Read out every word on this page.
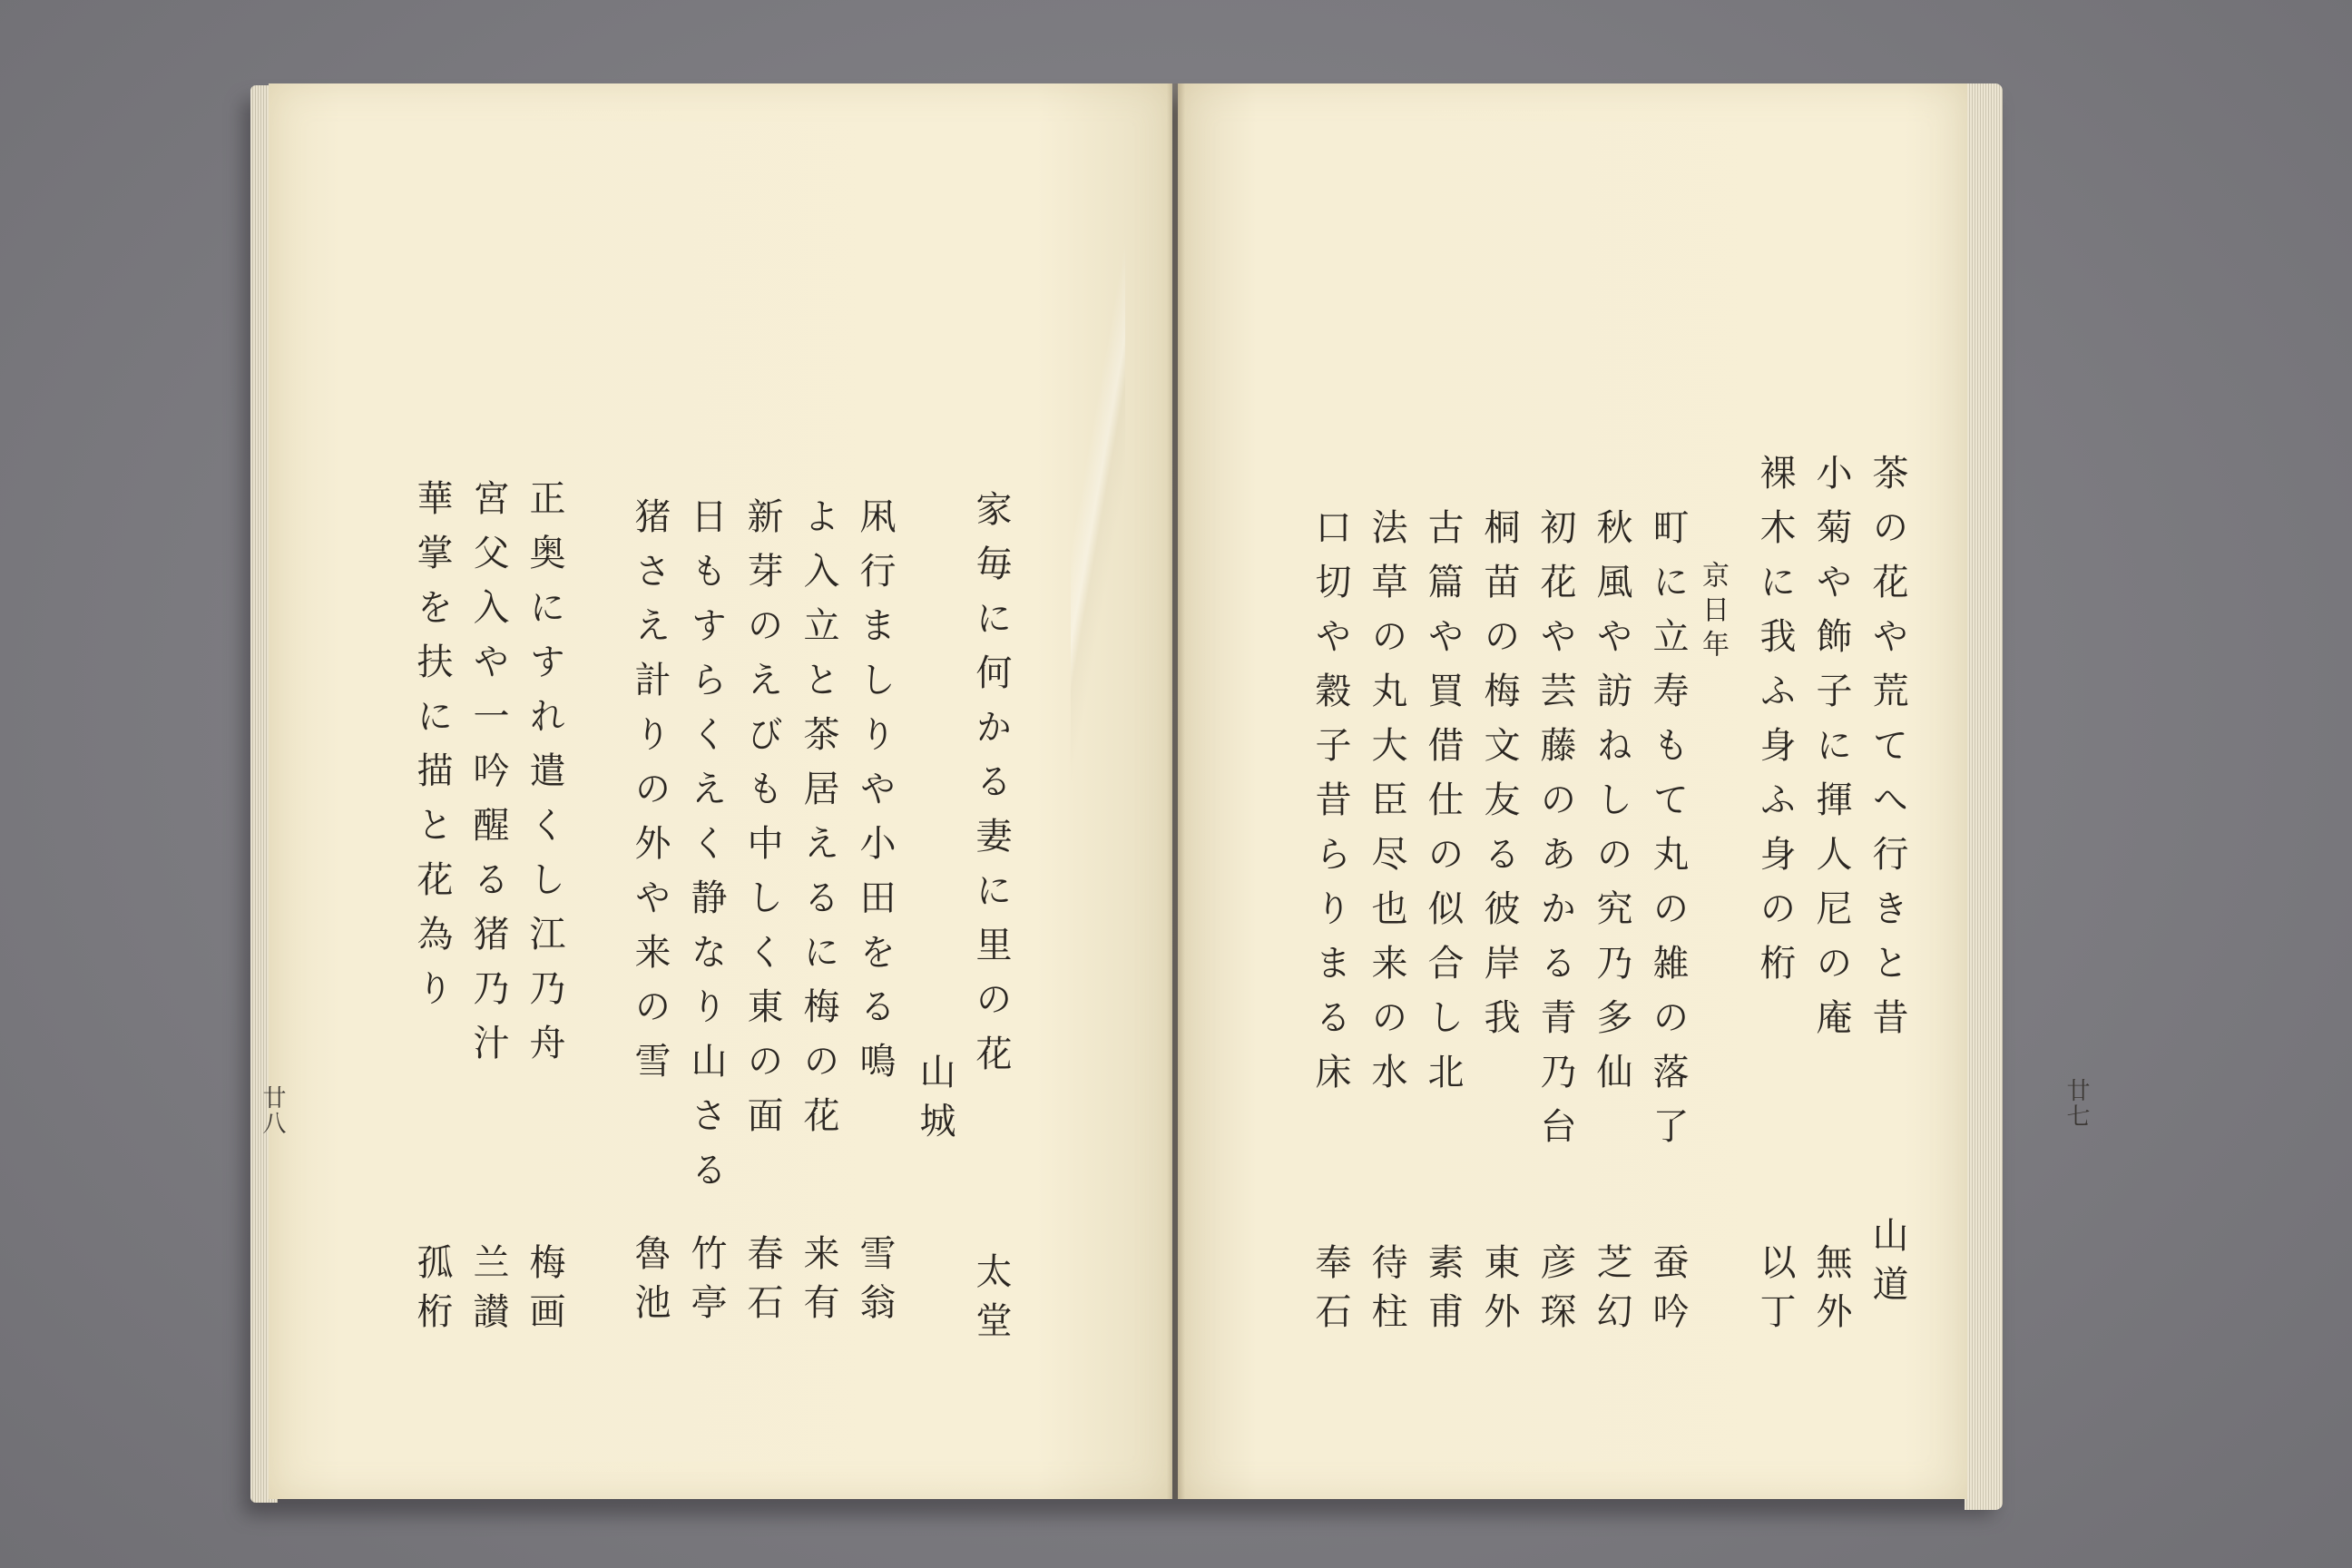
茶の花や荒てへ行きと昔
山道
小菊や飾子に揮人尼の庵
無外
裸木に我ふ身ふ身の桁
以丁
京日年
町に立寿もて丸の雑の落了
蚕吟
秋風や訪ねしの究乃多仙
芝幻
初花や芸藤のあかる青乃台
彦琛
桐苗の梅文友る彼岸我
東外
古篇や買借仕の似合し北
素甫
法草の丸大臣尽也来の水
待柱
口切や穀子昔らりまる床
奉石
家毎に何かる妻に里の花
太堂
山城
凩行ましりや小田をる鳴
雪翁
よ入立と茶居えるに梅の花
来有
新芽のえびも中しく東の面
春石
日もすらくえく静なり山さる
竹亭
猪さえ計りの外や来の雪
魯池
正奥にすれ遣くし江乃舟
梅画
宮父入や一吟醒る猪乃汁
兰讃
華掌を扶に描と花為り
孤桁
廿八	廿七
